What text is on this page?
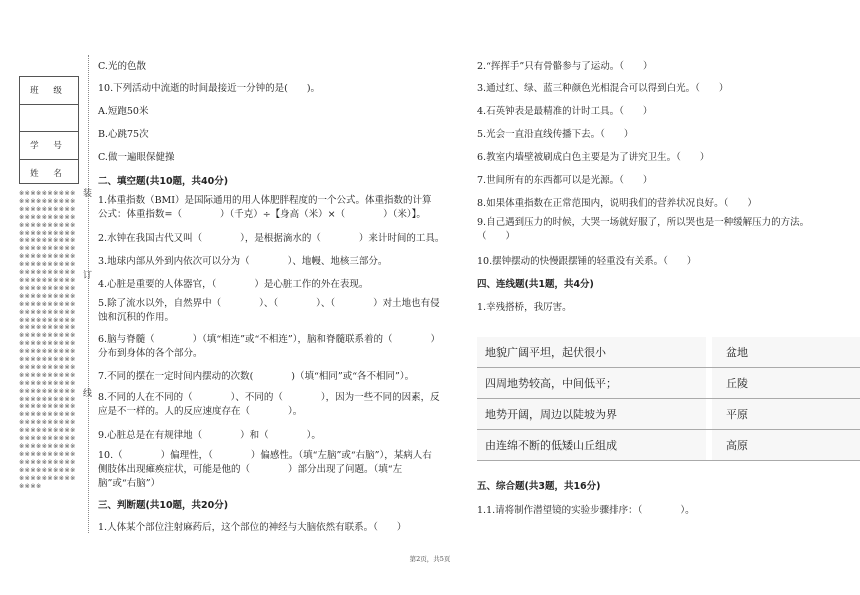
班 级
学 号
姓 名
※※※※※※※※※※※※※※※※※※※※※※※※※※※※※※※※※※※※※※※※※※※※※※※※※※※※※※※※※※※※※※※※※※※※※※※※※※※※※※※※※※※※※※※※※※※※※※※※※※※※※※※※※※※※※※※※※※※※※※※※※※※※※※※※※※※※※※※※※※※※※※※※※※※※※※※※※※※※※※※※※※※※※※※※※※※※※※※※※※※※※※※※※※※※※※※※※※※※※※※※※※※※※※※※※※※※※※※※※※※※※※※※※※※※※※※※※※※※※※※※※※※※※※※※※※※※※※※※※※※※※※※※※※※※※※※※※※※※※※※※※※※※※※※※※※※※※※※※※※※※※※※※※※※※※※※※※※※※※※※※※※※※※※※※※※※※※※※※※※※※※※※※※※※※※※※※※※※※※※※※※※※※※※※※※※※※※※
装
订
线
C.光的色散
10.下列活动中流逝的时间最接近一分钟的是(　　)。
A.短跑50米
B.心跳75次
C.做一遍眼保健操
二、填空题(共10题，共40分)
1.体重指数（BMI）是国际通用的用人体肥胖程度的一个公式。体重指数的计算公式：体重指数=（　　　　）（千克）÷【身高（米）×（　　　　）（米）】。
2.水钟在我国古代又叫（　　　　），是根据滴水的（　　　　）来计时间的工具。
3.地球内部从外到内依次可以分为（　　　　）、地幔、地核三部分。
4.心脏是重要的人体器官，（　　　　）是心脏工作的外在表现。
5.除了流水以外，自然界中（　　　　）、（　　　　）、（　　　　）对土地也有侵蚀和沉积的作用。
6.脑与脊髓（　　　　）（填“相连”或“不相连”），脑和脊髓联系着的（　　　　）分布到身体的各个部分。
7.不同的摆在一定时间内摆动的次数(　　　　)（填“相同”或“各不相同”）。
8.不同的人在不同的（　　　　）、不同的（　　　　），因为一些不同的因素，反应是不一样的。人的反应速度存在（　　　　）。
9.心脏总是在有规律地（　　　　）和（　　　　）。
10.（　　　　）偏理性，（　　　　）偏感性。（填“左脑”或“右脑”），某病人右侧肢体出现瘫痪症状，可能是他的（　　　　）部分出现了问题。（填“左脑”或“右脑”）
三、判断题(共10题，共20分)
1.人体某个部位注射麻药后，这个部位的神经与大脑依然有联系。（　　）
2.“挥挥手”只有骨骼参与了运动。（　　）
3.通过红、绿、蓝三种颜色光相混合可以得到白光。（　　）
4.石英钟表是最精准的计时工具。（　　）
5.光会一直沿直线传播下去。（　　）
6.教室内墙壁被刷成白色主要是为了讲究卫生。（　　）
7.世间所有的东西都可以是光源。（　　）
8.如果体重指数在正常范围内，说明我们的营养状况良好。（　　）
9.自己遇到压力的时候，大哭一场就好服了，所以哭也是一种缓解压力的方法。（　　）
10.摆钟摆动的快慢跟摆锤的轻重没有关系。（　　）
四、连线题(共1题，共4分)
1.幸残搭桥，我厉害。
地貌广阔平坦，起伏很小		盆地
四周地势较高，中间低平；		丘陵
地势开阔，周边以陡坡为界		平原
由连绵不断的低矮山丘组成		高原
五、综合题(共3题，共16分)
1.1.请将制作潜望镜的实验步骤排序：（　　　　）。
第2页，共5页
